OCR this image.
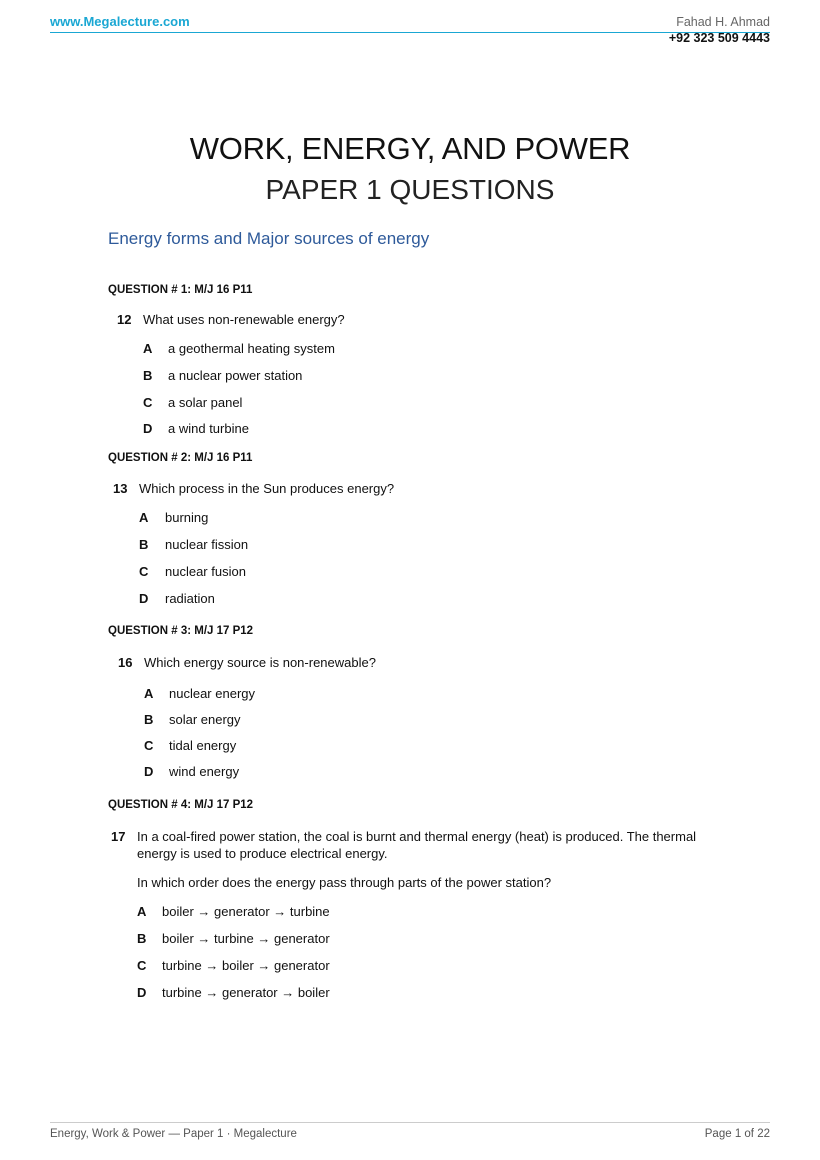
www.Megalecture.com	Fahad H. Ahmad
+92 323 509 4443
WORK, ENERGY, AND POWER
PAPER 1 QUESTIONS
Energy forms and Major sources of energy
QUESTION # 1: M/J 16 P11
12 What uses non-renewable energy?
A a geothermal heating system
B a nuclear power station
C a solar panel
D a wind turbine
QUESTION # 2: M/J 16 P11
13 Which process in the Sun produces energy?
A burning
B nuclear fission
C nuclear fusion
D radiation
QUESTION # 3: M/J 17 P12
16 Which energy source is non-renewable?
A nuclear energy
B solar energy
C tidal energy
D wind energy
QUESTION # 4: M/J 17 P12
17 In a coal-fired power station, the coal is burnt and thermal energy (heat) is produced. The thermal energy is used to produce electrical energy.
In which order does the energy pass through parts of the power station?
A boiler → generator → turbine
B boiler → turbine → generator
C turbine → boiler → generator
D turbine → generator → boiler
Energy, Work & Power — Paper 1 · Megalecture	Page 1 of 22
